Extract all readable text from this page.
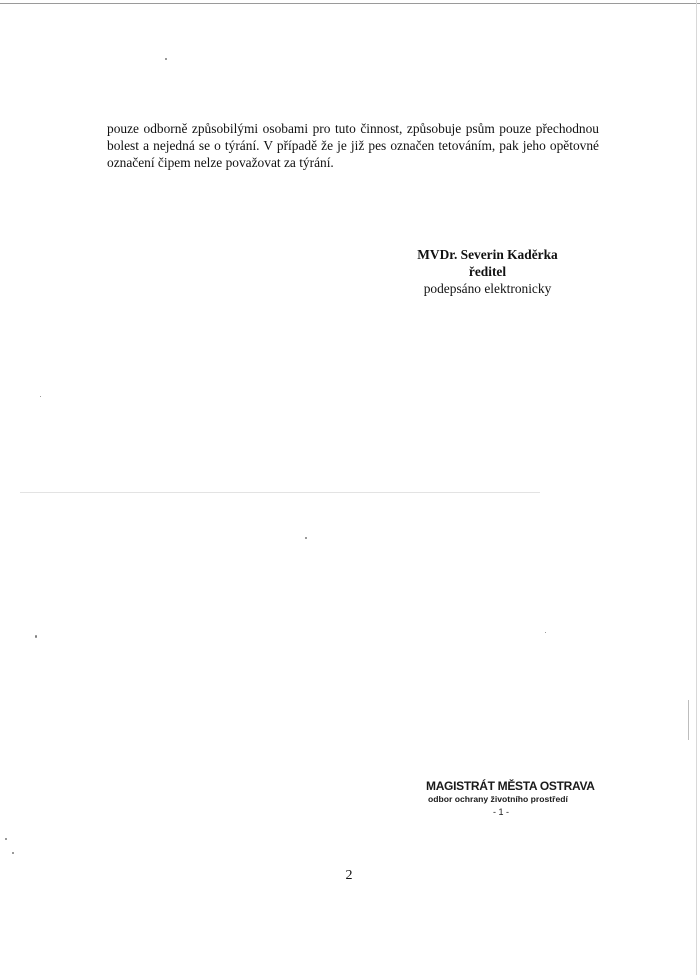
pouze odborně způsobilými osobami pro tuto činnost, způsobuje psům pouze přechodnou
bolest a nejedná se o týrání. V případě že je již pes označen tetováním, pak jeho opětovné
označení čipem nelze považovat za týrání.
MVDr. Severin Kaděrka
ředitel
podepsáno elektronicky
MAGISTRÁT MĚSTA OSTRAVA
odbor ochrany životního prostředí
- 1 -
2
